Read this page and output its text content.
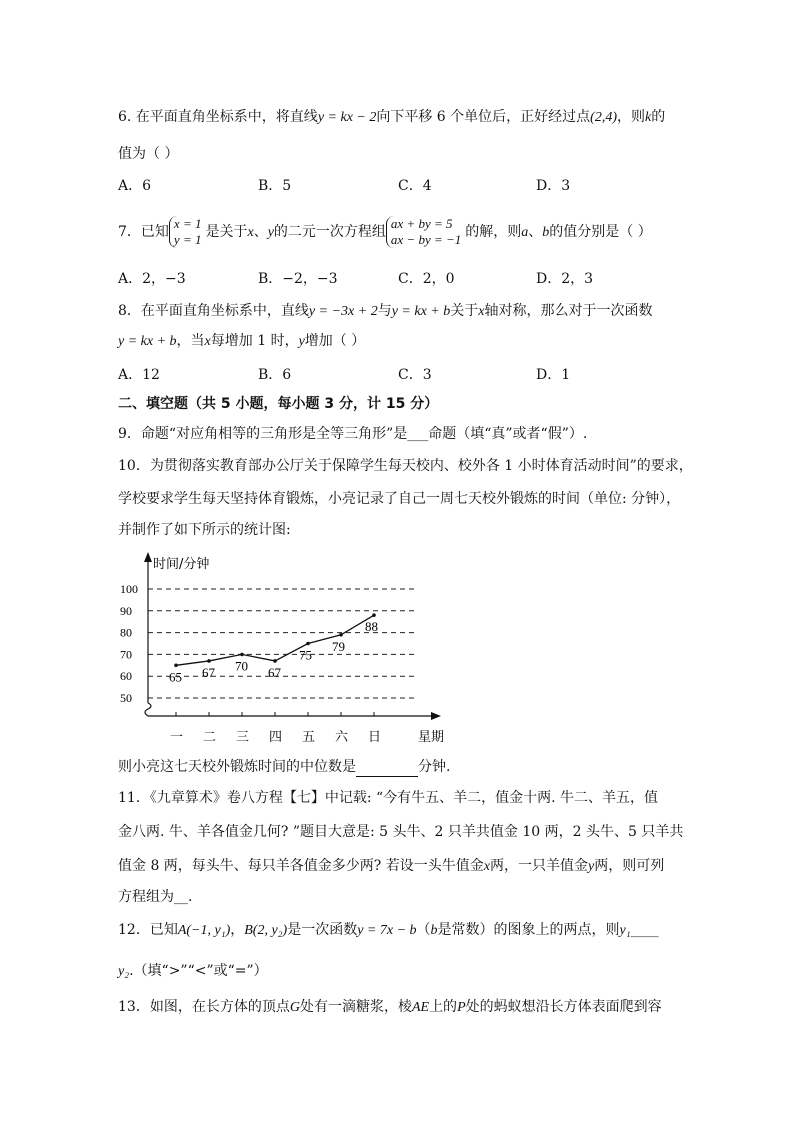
6. 在平面直角坐标系中，将直线y = kx − 2向下平移 6 个单位后，正好经过点(2,4)，则k的
值为（ ）
A．6	B．5	C．4	D．3
7．已知x = 1
y = 1 是关于x、y的二元一次方程组ax + by = 5
ax − by = −1 的解，则a、b的值分别是（ ）
A．2，−3	B．−2，−3	C．2，0	D．2，3
8．在平面直角坐标系中，直线y = −3x + 2与y = kx + b关于x轴对称，那么对于一次函数
y = kx + b，当x每增加 1 时，y增加（ ）
A．12	B．6	C．3	D．1
二、填空题（共 5 小题，每小题 3 分，计 15 分）
9．命题“对应角相等的三角形是全等三角形”是___命题（填“真”或者“假”）.
10．为贯彻落实教育部办公厅关于保障学生每天校内、校外各 1 小时体育活动时间”的要求，
学校要求学生每天坚持体育锻炼，小亮记录了自己一周七天校外锻炼的时间（单位: 分钟），
并制作了如下所示的统计图:
50
60
70
80
90
100
一 二 三 四 五 六 日
65 67 70 67
75
79
88
时间/分钟
星期
则小亮这七天校外锻炼时间的中位数是	分钟.
11．《九章算术》卷八方程【七】中记载: “今有牛五、羊二，值金十两. 牛二、羊五，值
金八两. 牛、羊各值金几何? ”题目大意是: 5 头牛、2 只羊共值金 10 两，2 头牛、5 只羊共
值金 8 两，每头牛、每只羊各值金多少两? 若设一头牛值金x两，一只羊值金y两，则可列
方程组为__.
12．已知A(−1, y₁)，B(2, y₂)是一次函数y = 7x − b（b是常数）的图象上的两点，则y₁____
y₂.（填“>”“<”或“=”）
13．如图，在长方体的顶点G处有一滴糖浆，棱AE上的P处的蚂蚁想沿长方体表面爬到容
